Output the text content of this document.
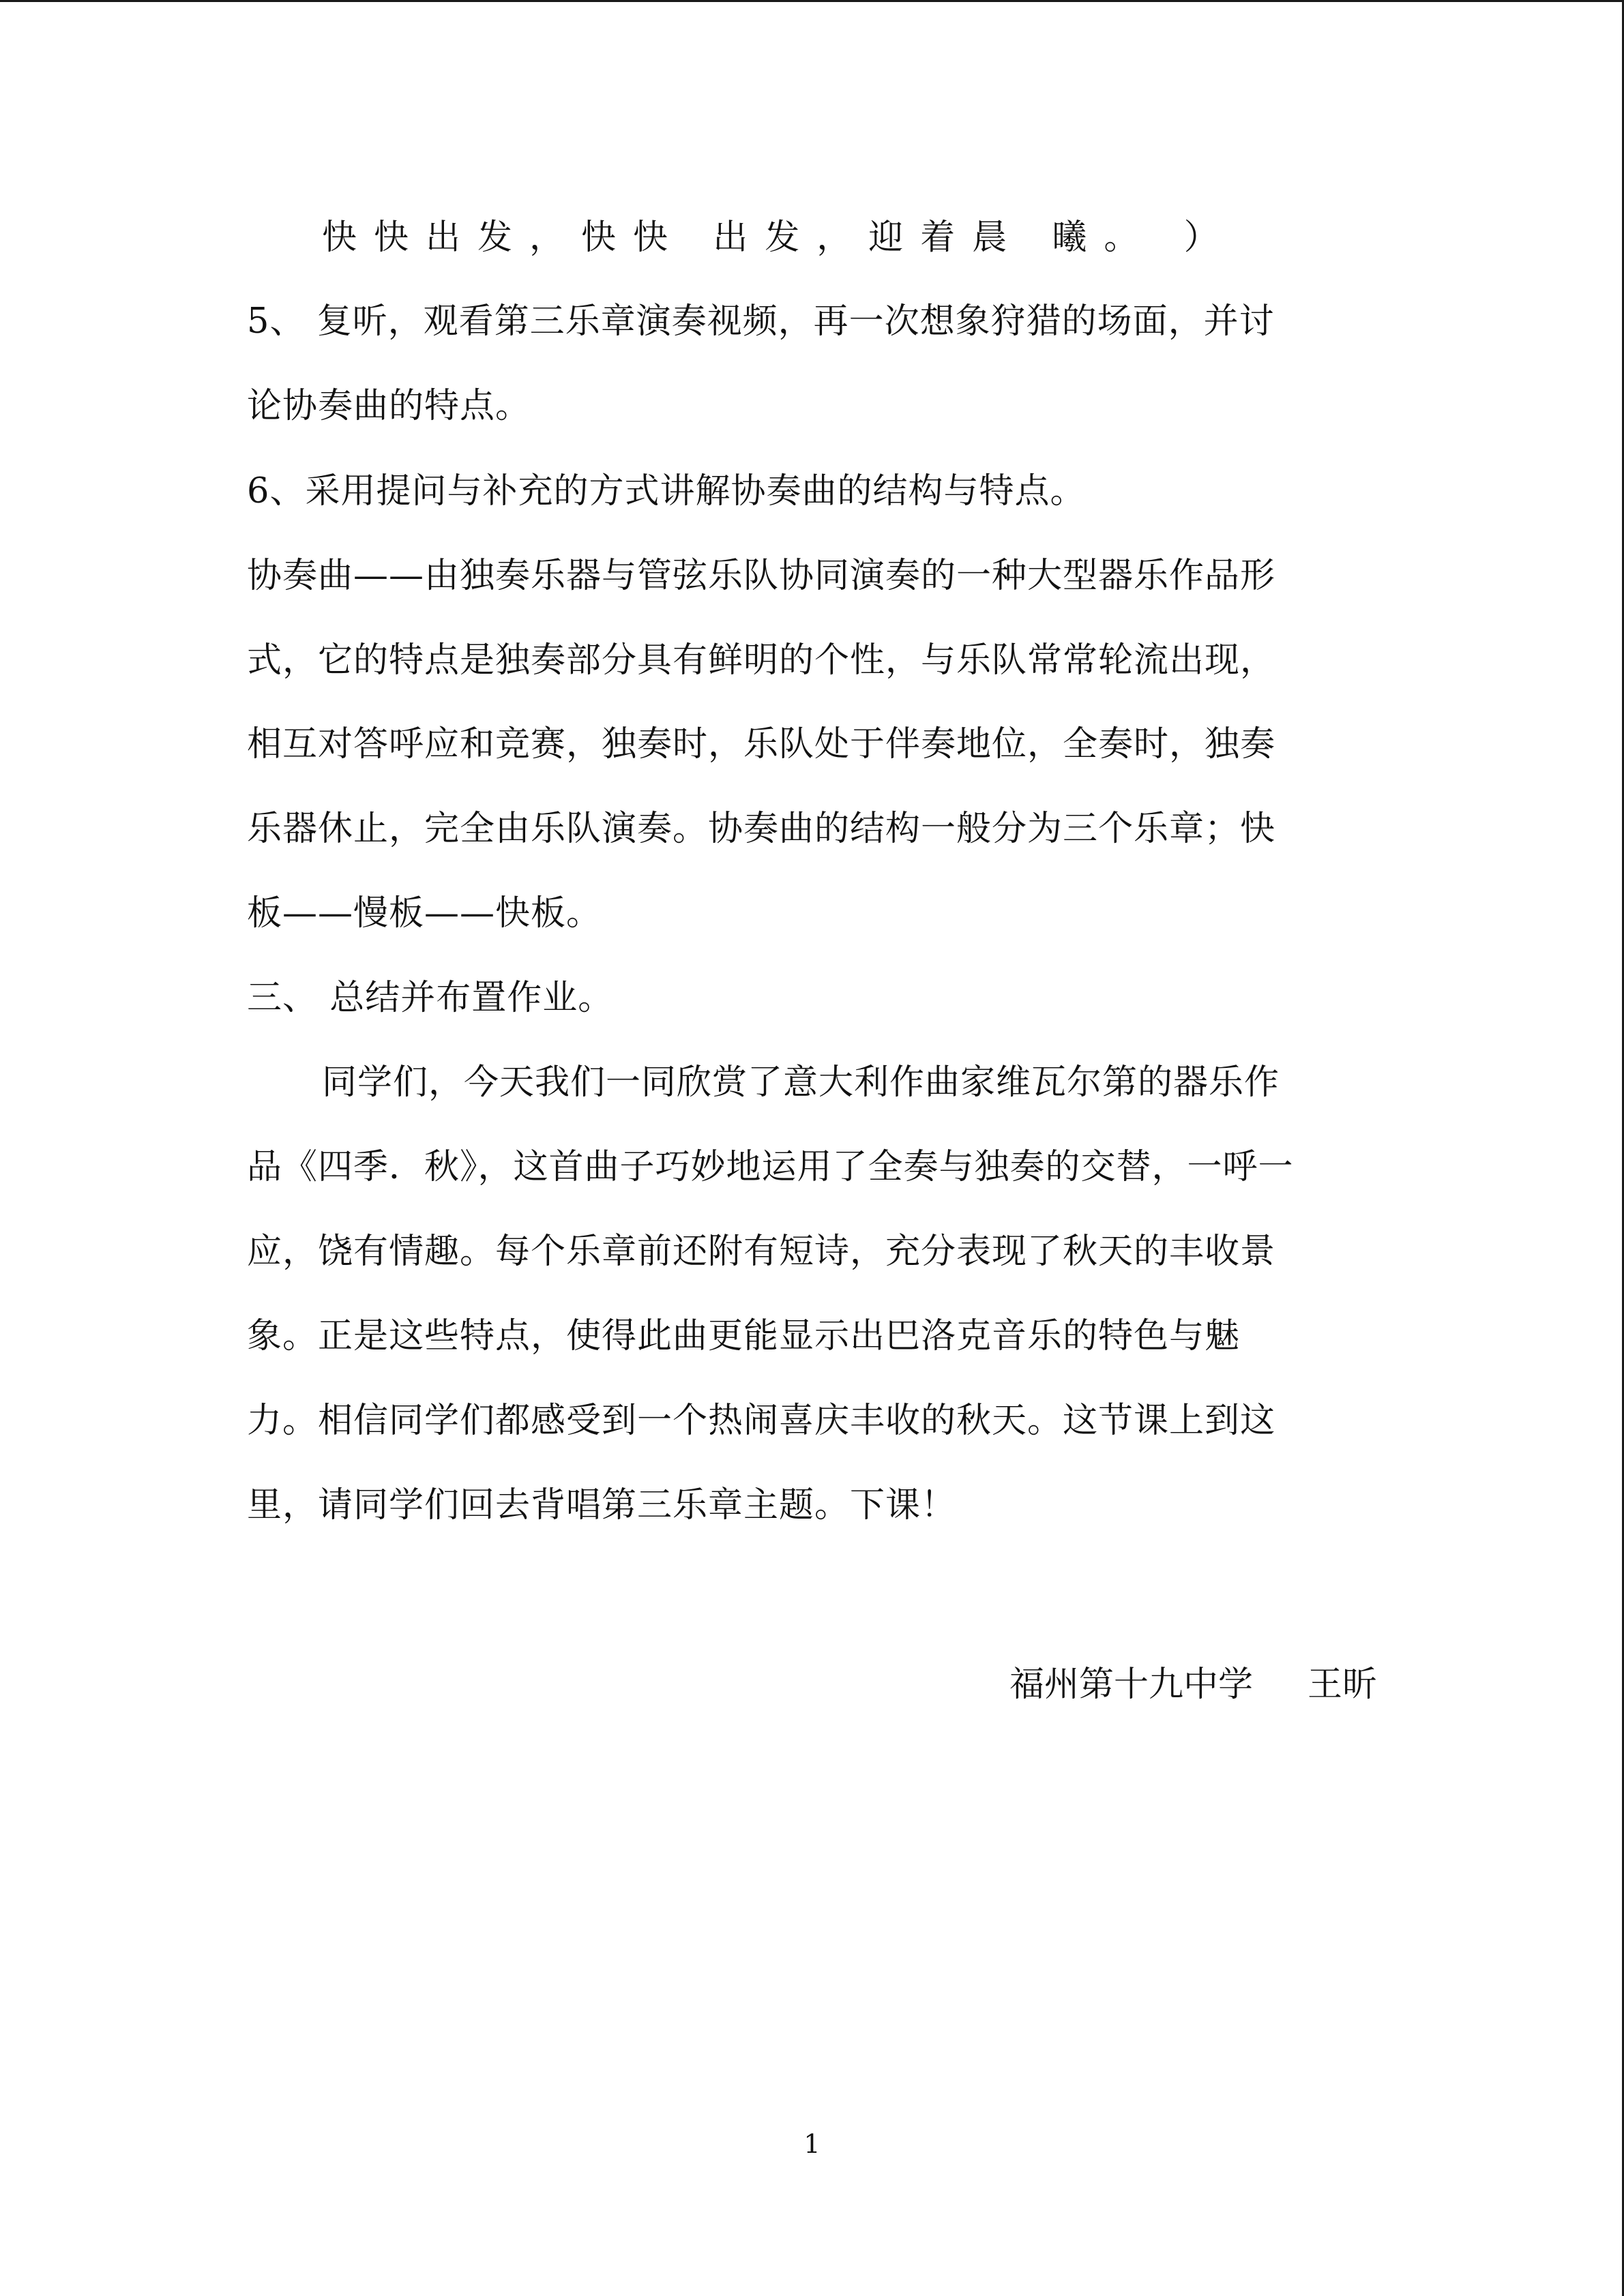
快快出发，快快 出发，迎着晨 曦。 ）

5、 复听，观看第三乐章演奏视频，再一次想象狩猎的场面，并讨

论协奏曲的特点。

6、采用提问与补充的方式讲解协奏曲的结构与特点。

协奏曲——由独奏乐器与管弦乐队协同演奏的一种大型器乐作品形

式，它的特点是独奏部分具有鲜明的个性，与乐队常常轮流出现，

相互对答呼应和竞赛，独奏时，乐队处于伴奏地位，全奏时，独奏

乐器休止，完全由乐队演奏。协奏曲的结构一般分为三个乐章；快

板——慢板——快板。

三、 总结并布置作业。

同学们，今天我们一同欣赏了意大利作曲家维瓦尔第的器乐作

品《四季．秋》，这首曲子巧妙地运用了全奏与独奏的交替，一呼一

应，饶有情趣。每个乐章前还附有短诗，充分表现了秋天的丰收景

象。正是这些特点，使得此曲更能显示出巴洛克音乐的特色与魅

力。相信同学们都感受到一个热闹喜庆丰收的秋天。这节课上到这

里，请同学们回去背唱第三乐章主题。下课！

福州第十九中学 王昕
1
